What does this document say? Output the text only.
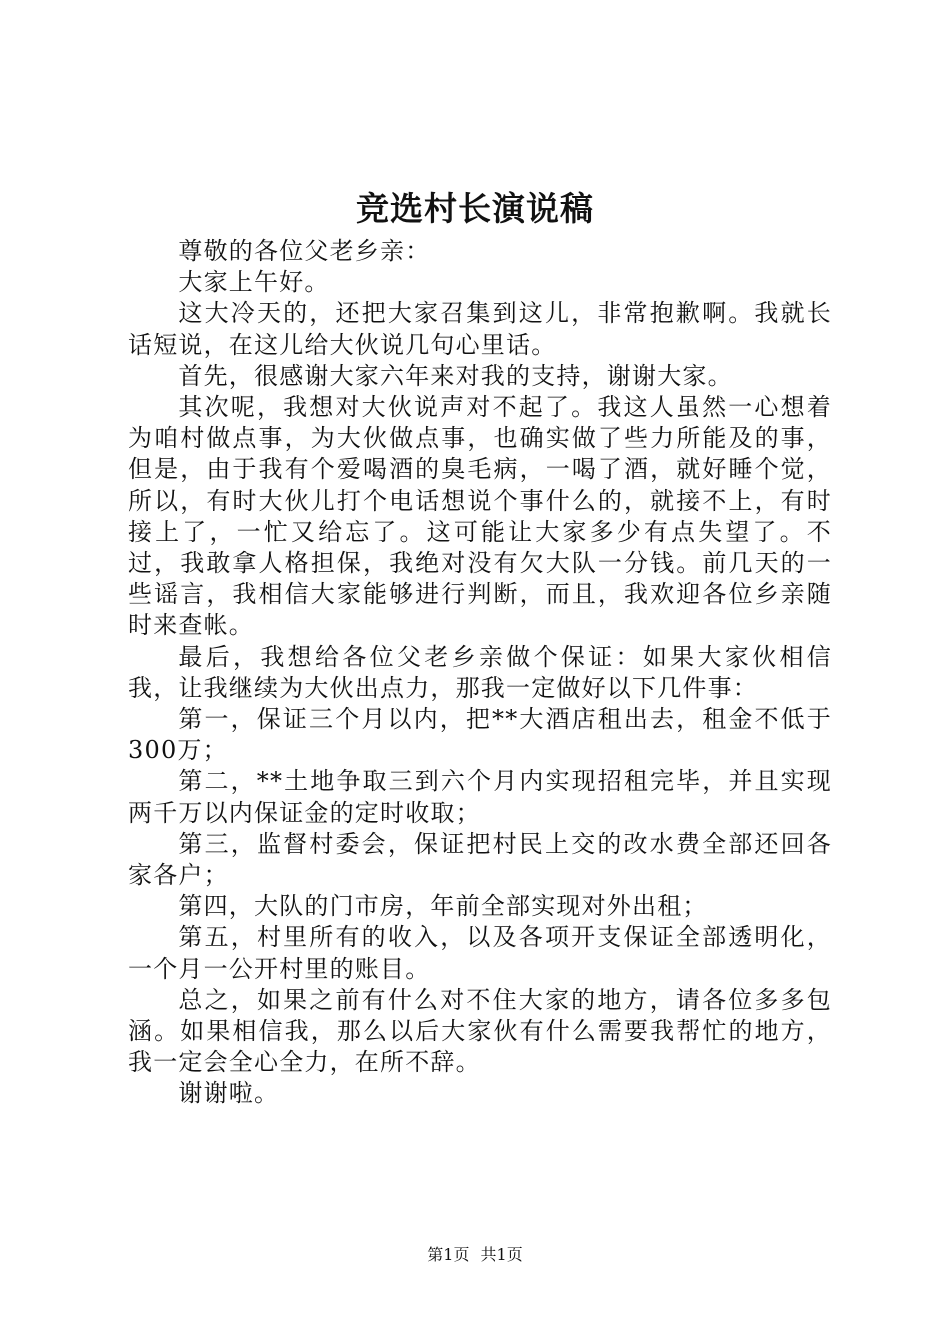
竞选村长演说稿

尊敬的各位父老乡亲：

大家上午好。

这大冷天的，还把大家召集到这儿，非常抱歉啊。我就长话短说，在这儿给大伙说几句心里话。

首先，很感谢大家六年来对我的支持，谢谢大家。

其次呢，我想对大伙说声对不起了。我这人虽然一心想着为咱村做点事，为大伙做点事，也确实做了些力所能及的事，但是，由于我有个爱喝酒的臭毛病，一喝了酒，就好睡个觉，所以，有时大伙儿打个电话想说个事什么的，就接不上，有时接上了，一忙又给忘了。这可能让大家多少有点失望了。不过，我敢拿人格担保，我绝对没有欠大队一分钱。前几天的一些谣言，我相信大家能够进行判断，而且，我欢迎各位乡亲随时来查帐。

最后，我想给各位父老乡亲做个保证：如果大家伙相信我，让我继续为大伙出点力，那我一定做好以下几件事：

第一，保证三个月以内，把**大酒店租出去，租金不低于300万；

第二，**土地争取三到六个月内实现招租完毕，并且实现两千万以内保证金的定时收取；

第三，监督村委会，保证把村民上交的改水费全部还回各家各户；

第四，大队的门市房，年前全部实现对外出租；

第五，村里所有的收入，以及各项开支保证全部透明化，一个月一公开村里的账目。

总之，如果之前有什么对不住大家的地方，请各位多多包涵。如果相信我，那么以后大家伙有什么需要我帮忙的地方，我一定会全心全力，在所不辞。

谢谢啦。

第1页 共1页
